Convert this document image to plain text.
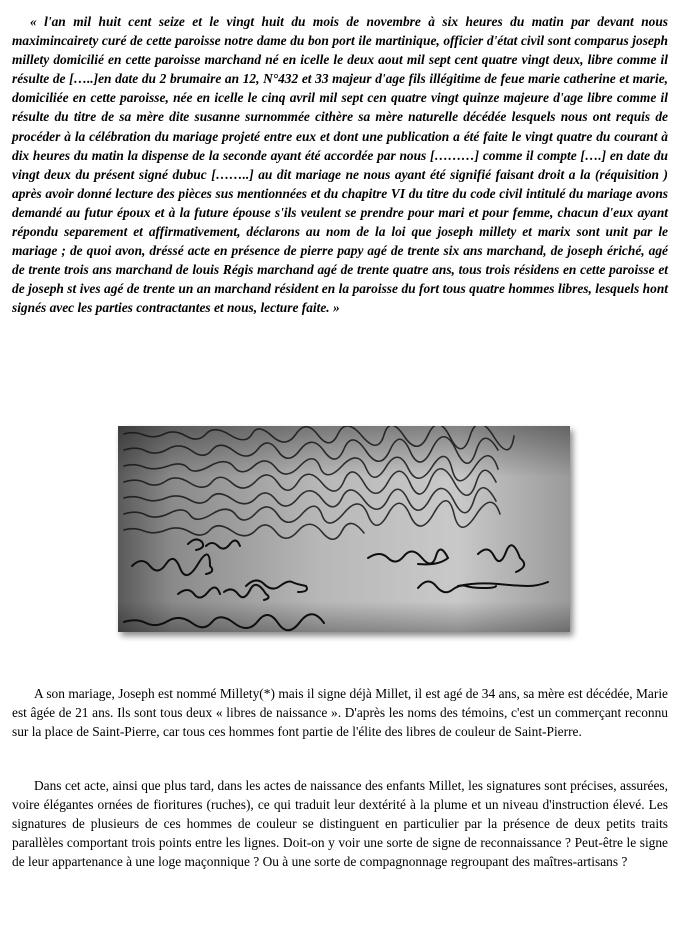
« l'an mil huit cent seize et le vingt huit du mois de novembre à six heures du matin par devant nous maximincairety curé de cette paroisse notre dame du bon port ile martinique, officier d'état civil sont comparus joseph millety domicilié en cette paroisse marchand né en icelle le deux aout mil sept cent quatre vingt deux, libre comme il résulte de […..]en date du 2 brumaire an 12, N°432 et 33 majeur d'age fils illégitime de feue marie catherine et marie, domiciliée en cette paroisse, née en icelle le cinq avril mil sept cen quatre vingt quinze majeure d'age libre comme il résulte du titre de sa mère dite susanne surnommée cithère sa mère naturelle décédée lesquels nous ont requis de procéder à la célébration du mariage projeté entre eux et dont une publication a été faite le vingt quatre du courant à dix heures du matin la dispense de la seconde ayant été accordée par nous [………] comme il compte [….] en date du vingt deux du présent signé dubuc [……..] au dit mariage ne nous ayant été signifié faisant droit a la (réquisition ) après avoir donné lecture des pièces sus mentionnées et du chapitre VI du titre du code civil intitulé du mariage avons demandé au futur époux et à la future épouse s'ils veulent se prendre pour mari et pour femme, chacun d'eux ayant répondu separement et affirmativement, déclarons au nom de la loi que joseph millety et marix sont unit par le mariage ; de quoi avon, dréssé acte en présence de pierre papy agé de trente six ans marchand, de joseph ériché, agé de trente trois ans marchand de louis Régis marchand agé de trente quatre ans, tous trois résidens en cette paroisse et de joseph st ives agé de trente un an marchand résident en la paroisse du fort tous quatre hommes libres, lesquels hont signés avec les parties contractantes et nous, lecture faite. »

A son mariage, Joseph est nommé Millety(*) mais il signe déjà Millet, il est agé de 34 ans, sa mère est décédée, Marie est âgée de 21 ans. Ils sont tous deux « libres de naissance ». D'après les noms des témoins, c'est un commerçant reconnu sur la place de Saint-Pierre, car tous ces hommes font partie de l'élite des libres de couleur de Saint-Pierre.

Dans cet acte, ainsi que plus tard, dans les actes de naissance des enfants Millet, les signatures sont précises, assurées, voire élégantes ornées de fioritures (ruches), ce qui traduit leur dextérité à la plume et un niveau d'instruction élevé. Les signatures de plusieurs de ces hommes de couleur se distinguent en particulier par la présence de deux petits traits parallèles comportant trois points entre les lignes. Doit-on y voir une sorte de signe de reconnaissance ? Peut-être le signe de leur appartenance à une loge maçonnique ? Ou à une sorte de compagnonnage regroupant des maîtres-artisans ?
